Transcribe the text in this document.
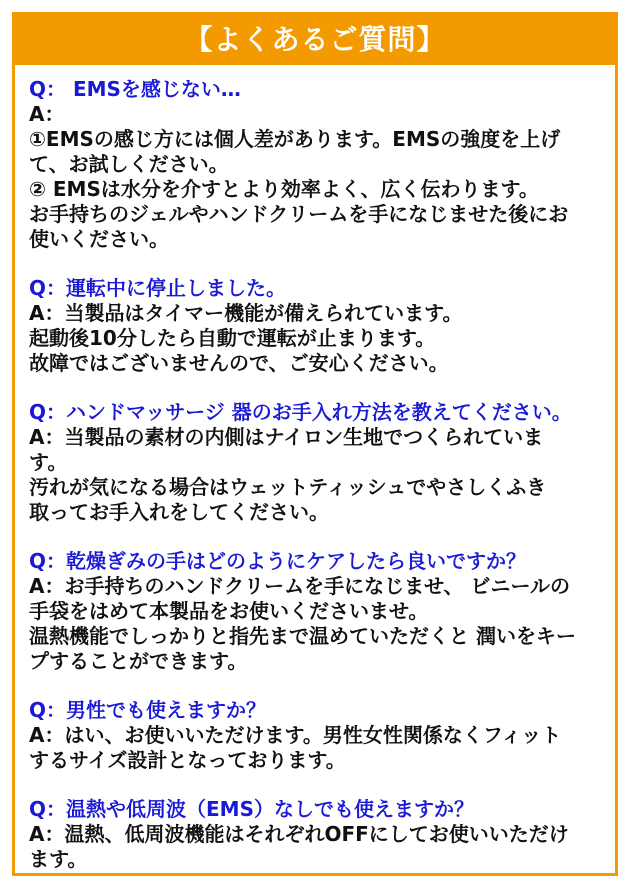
【よくあるご質問】
Q： EMSを感じない…
A：
①EMSの感じ方には個人差があります。EMSの強度を上げ
て、お試しください。
② EMSは水分を介すとより効率よく、広く伝わります。
お手持ちのジェルやハンドクリームを手になじませた後にお
使いください。
Q：運転中に停止しました。
A：当製品はタイマー機能が備えられています。
起動後10分したら自動で運転が止まります。
故障ではございませんので、ご安心ください。
Q：ハンドマッサージ 器のお手入れ方法を教えてください。
A：当製品の素材の内側はナイロン生地でつくられていま
す。
汚れが気になる場合はウェットティッシュでやさしくふき
取ってお手入れをしてください。
Q：乾燥ぎみの手はどのようにケアしたら良いですか？
A：お手持ちのハンドクリームを手になじませ、 ビニールの
手袋をはめて本製品をお使いくださいませ。
温熱機能でしっかりと指先まで温めていただくと 潤いをキー
プすることができます。
Q：男性でも使えますか？
A：はい、お使いいただけます。男性女性関係なくフィット
するサイズ設計となっております。
Q：温熱や低周波（EMS）なしでも使えますか？
A：温熱、低周波機能はそれぞれOFFにしてお使いいただけ
ます。
